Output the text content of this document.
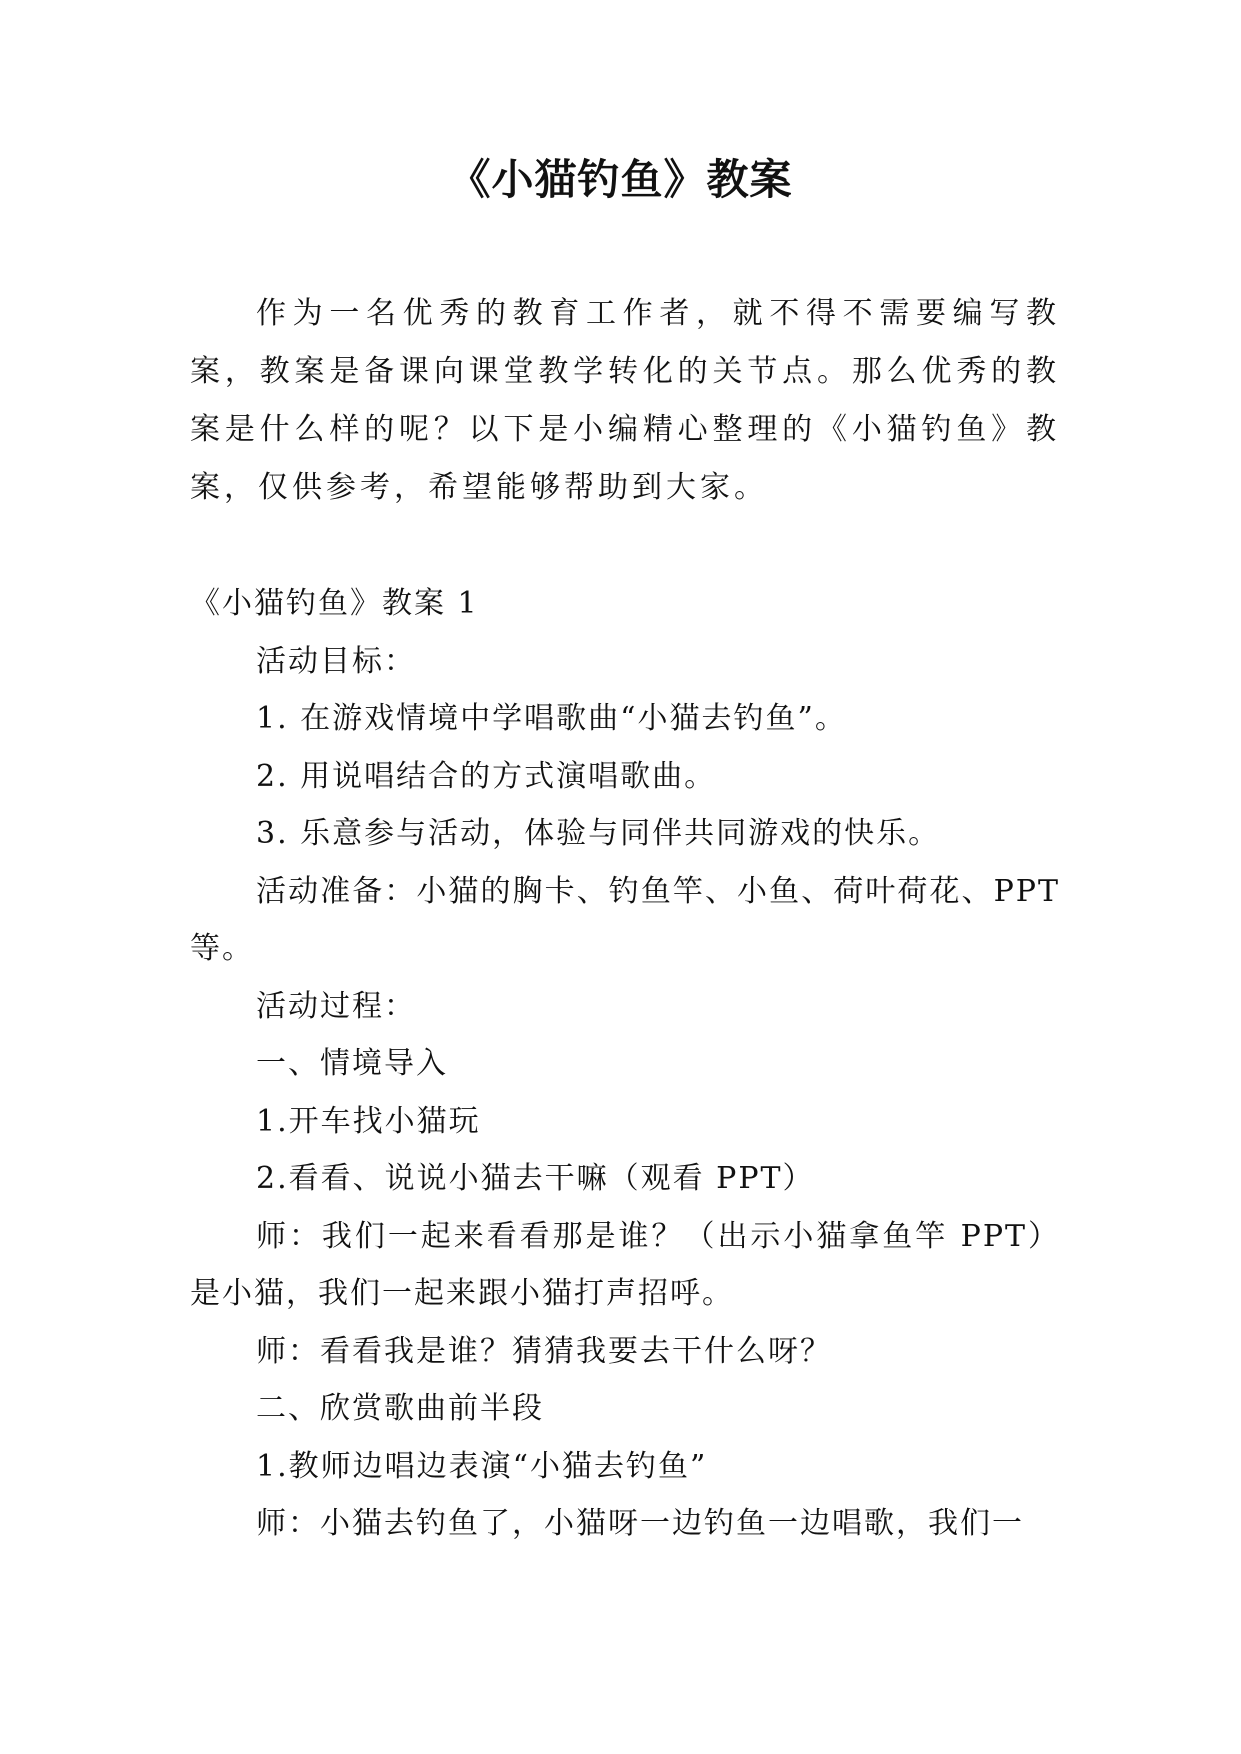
《小猫钓鱼》教案

作为一名优秀的教育工作者，就不得不需要编写教案，教案是备课向课堂教学转化的关节点。那么优秀的教案是什么样的呢？以下是小编精心整理的《小猫钓鱼》教案，仅供参考，希望能够帮助到大家。

《小猫钓鱼》教案 1

活动目标：

1. 在游戏情境中学唱歌曲“小猫去钓鱼”。

2. 用说唱结合的方式演唱歌曲。

3. 乐意参与活动，体验与同伴共同游戏的快乐。

活动准备：小猫的胸卡、钓鱼竿、小鱼、荷叶荷花、PPT 等。

活动过程：

一、情境导入

1.开车找小猫玩

2.看看、说说小猫去干嘛（观看 PPT）

师：我们一起来看看那是谁？（出示小猫拿鱼竿 PPT）是小猫，我们一起来跟小猫打声招呼。

师：看看我是谁？猜猜我要去干什么呀？

二、欣赏歌曲前半段

1.教师边唱边表演“小猫去钓鱼”

师：小猫去钓鱼了，小猫呀一边钓鱼一边唱歌，我们一
